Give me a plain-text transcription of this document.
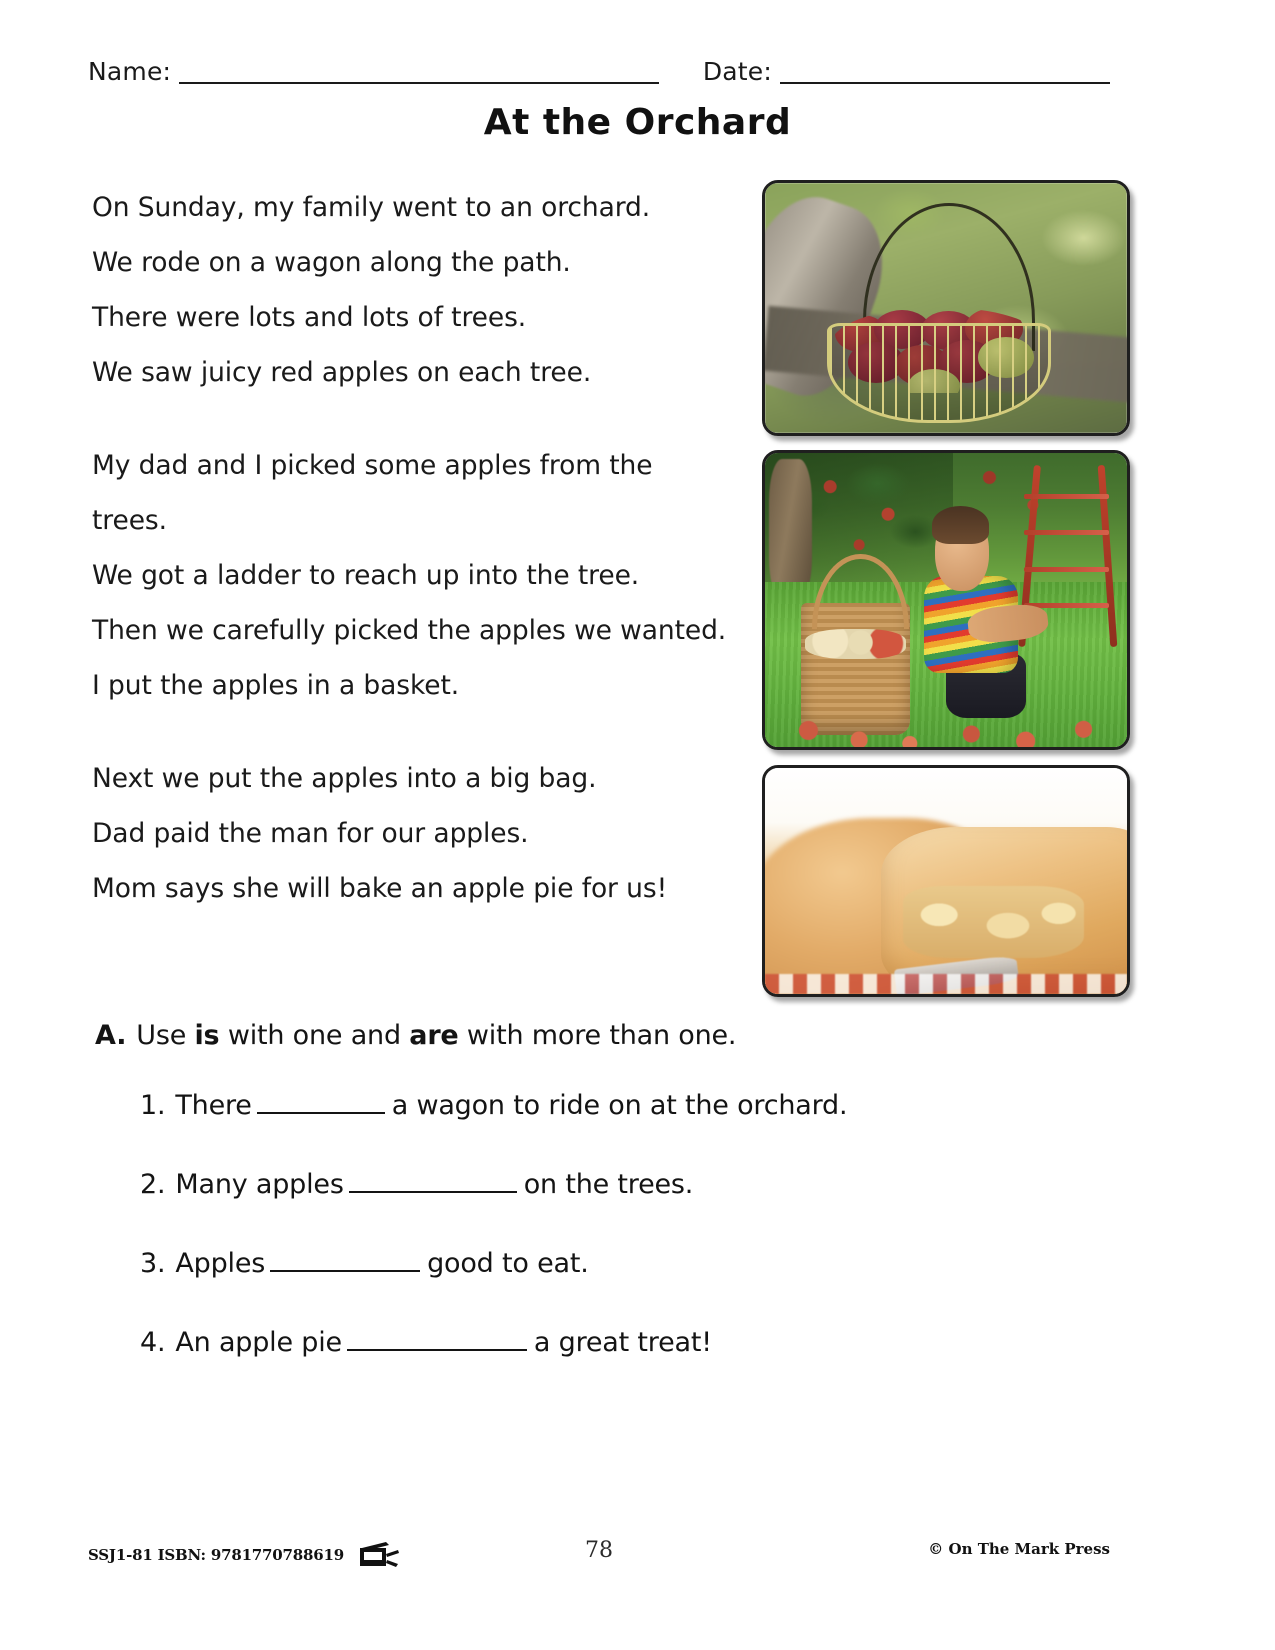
Name:	Date:
At the Orchard

On Sunday, my family went to an orchard.

We rode on a wagon along the path.

There were lots and lots of trees.

We saw juicy red apples on each tree.

My dad and I picked some apples from the trees.

We got a ladder to reach up into the tree.

Then we carefully picked the apples we wanted.

I put the apples in a basket.

Next we put the apples into a big bag.

Dad paid the man for our apples.

Mom says she will bake an apple pie for us!

A. Use is with one and are with more than one.
1. There	a wagon to ride on at the orchard.
2. Many apples	on the trees.
3. Apples	good to eat.
4. An apple pie	a great treat!
SSJ1-81 ISBN: 9781770788619	78	© On The Mark Press
